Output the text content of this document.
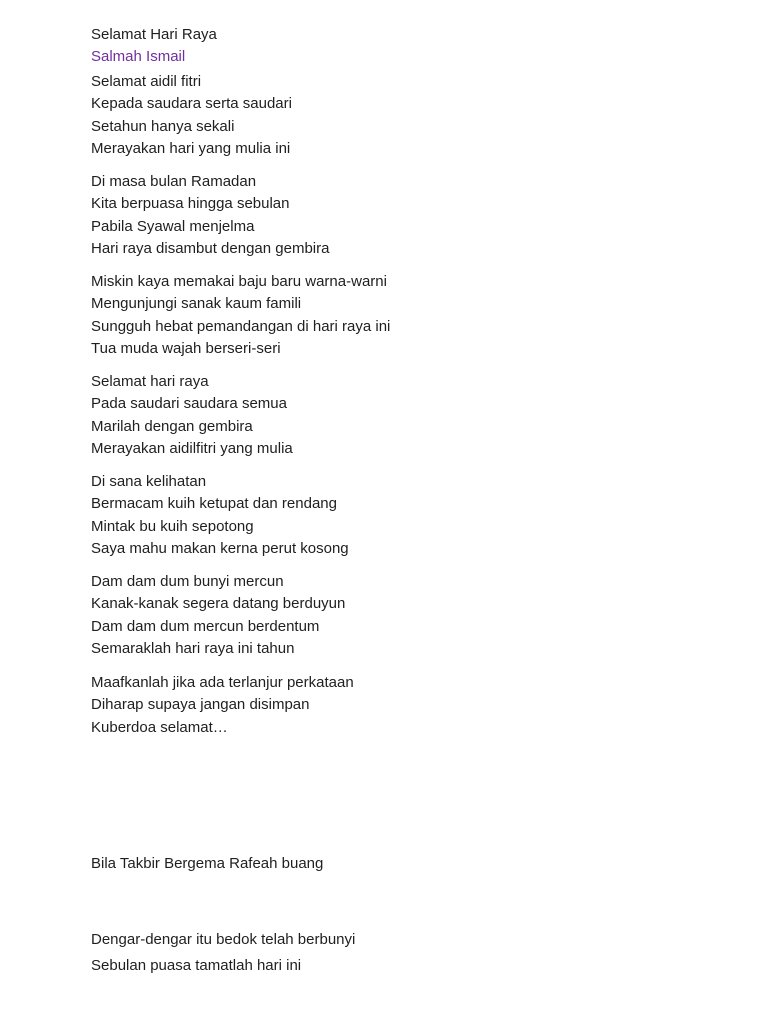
Selamat Hari Raya
Salmah Ismail
Selamat aidil fitri
Kepada saudara serta saudari
Setahun hanya sekali
Merayakan hari yang mulia ini
Di masa bulan Ramadan
Kita berpuasa hingga sebulan
Pabila Syawal menjelma
Hari raya disambut dengan gembira
Miskin kaya memakai baju baru warna-warni
Mengunjungi sanak kaum famili
Sungguh hebat pemandangan di hari raya ini
Tua muda wajah berseri-seri
Selamat hari raya
Pada saudari saudara semua
Marilah dengan gembira
Merayakan aidilfitri yang mulia
Di sana kelihatan
Bermacam kuih ketupat dan rendang
Mintak bu kuih sepotong
Saya mahu makan kerna perut kosong
Dam dam dum bunyi mercun
Kanak-kanak segera datang berduyun
Dam dam dum mercun berdentum
Semaraklah hari raya ini tahun
Maafkanlah jika ada terlanjur perkataan
Diharap supaya jangan disimpan
Kuberdoa selamat…
Bila Takbir Bergema Rafeah buang
Dengar-dengar itu bedok telah berbunyi
Sebulan puasa tamatlah hari ini
